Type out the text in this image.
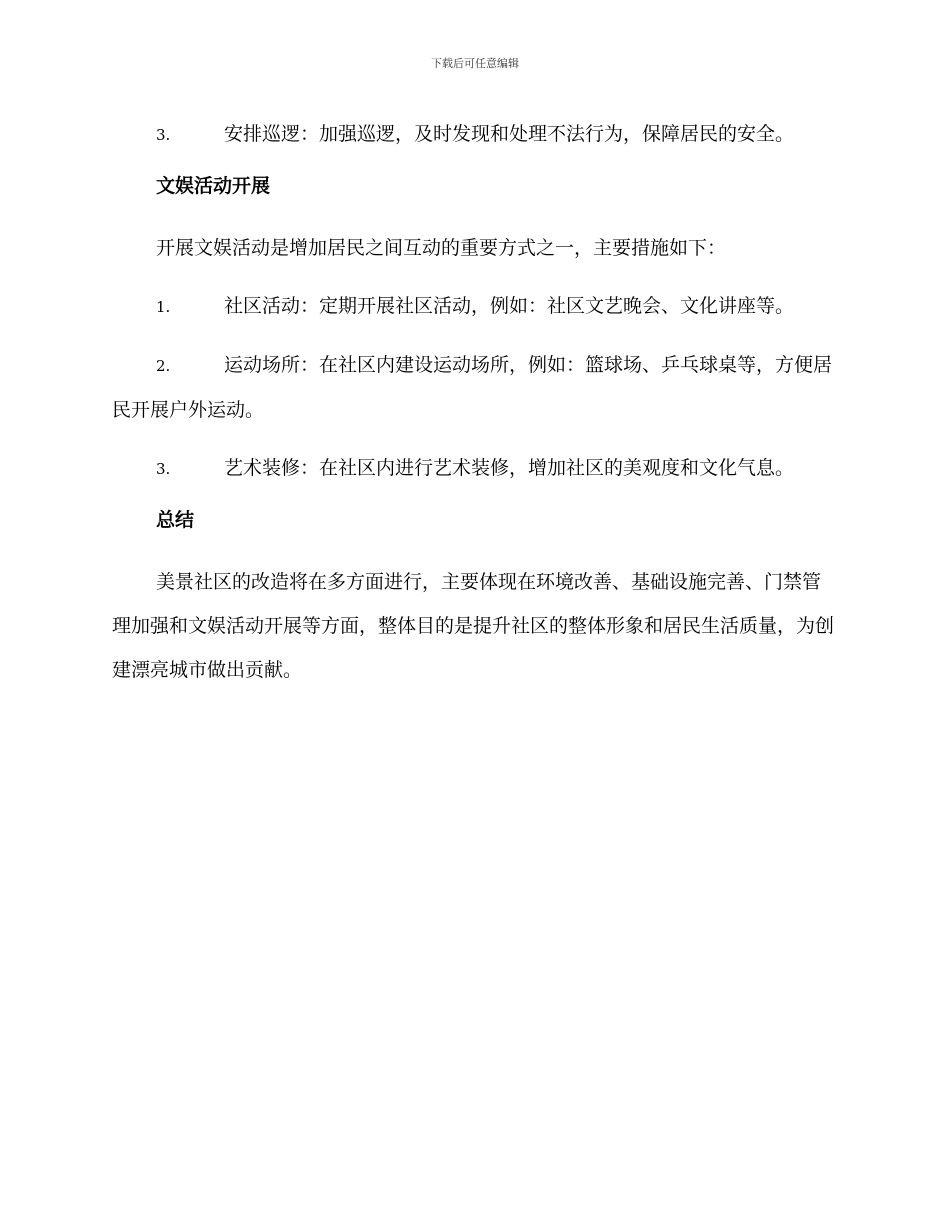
下载后可任意编辑

3.	安排巡逻：加强巡逻，及时发现和处理不法行为，保障居民的安全。

文娱活动开展

开展文娱活动是增加居民之间互动的重要方式之一，主要措施如下：

1.	社区活动：定期开展社区活动，例如：社区文艺晚会、文化讲座等。

2.	运动场所：在社区内建设运动场所，例如：篮球场、乒乓球桌等，方便居民开展户外运动。

3.	艺术装修：在社区内进行艺术装修，增加社区的美观度和文化气息。

总结

美景社区的改造将在多方面进行，主要体现在环境改善、基础设施完善、门禁管理加强和文娱活动开展等方面，整体目的是提升社区的整体形象和居民生活质量，为创建漂亮城市做出贡献。
